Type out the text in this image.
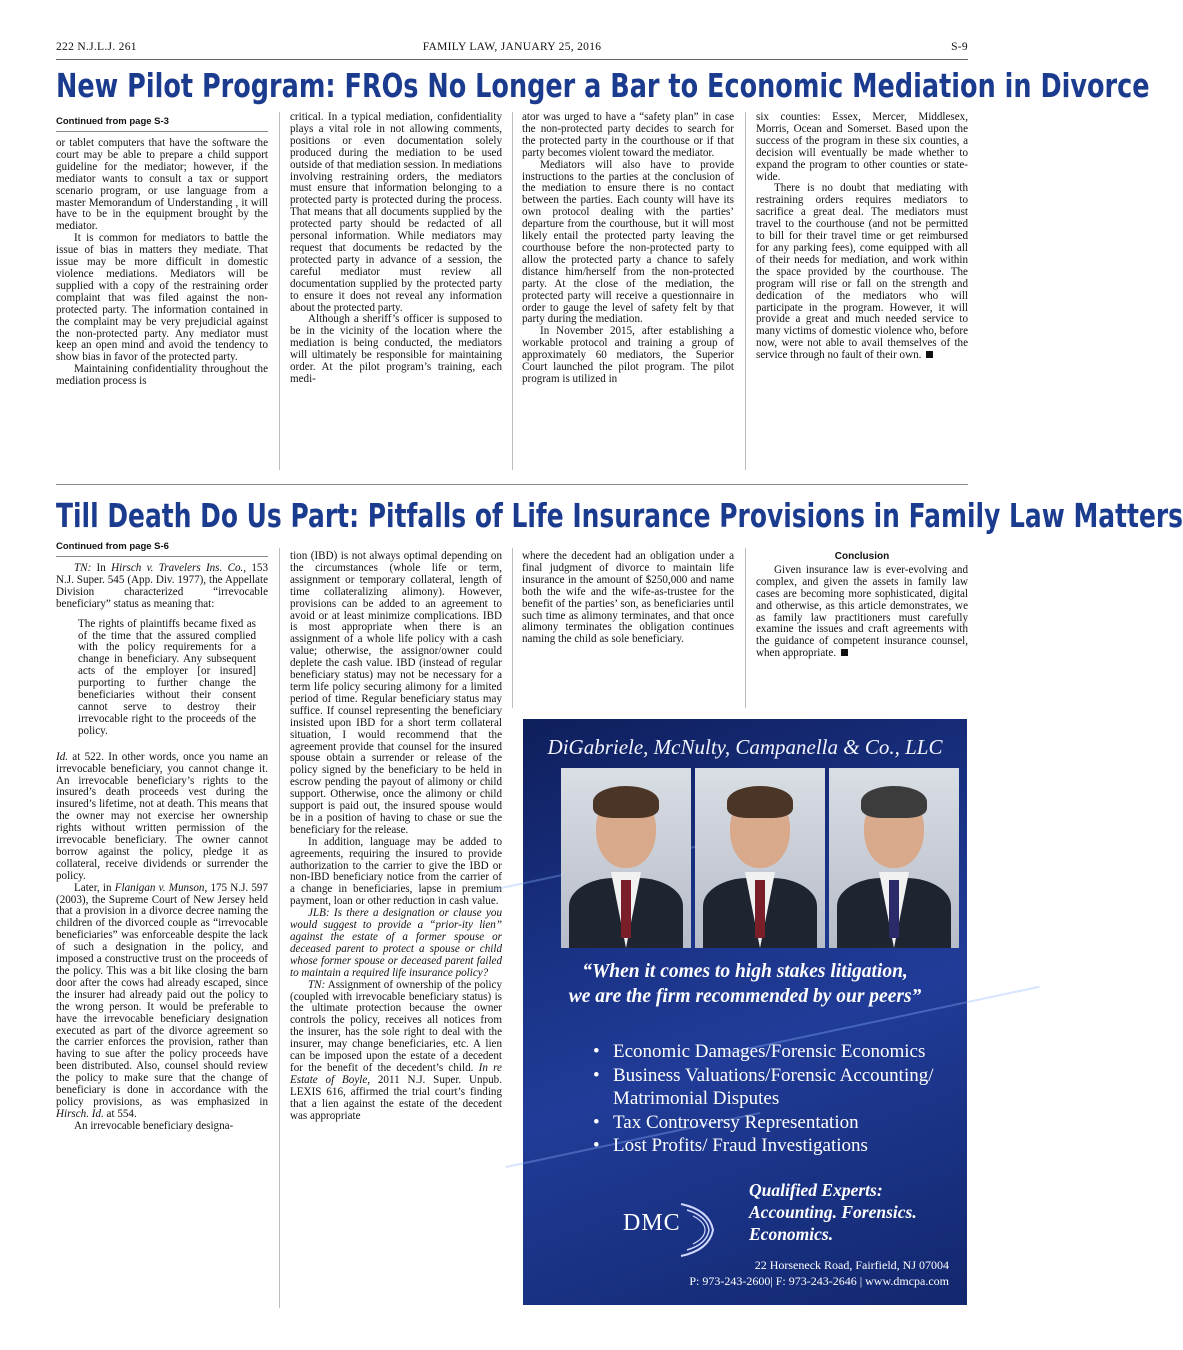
222 N.J.L.J. 261	FAMILY LAW, JANUARY 25, 2016	S-9
New Pilot Program: FROs No Longer a Bar to Economic Mediation in Divorce
Continued from page S-3

or tablet computers that have the software the court may be able to prepare a child support guideline for the mediator; however, if the mediator wants to consult a tax or support scenario program, or use language from a master Memorandum of Understanding , it will have to be in the equipment brought by the mediator.

It is common for mediators to battle the issue of bias in matters they mediate. That issue may be more difficult in domestic violence mediations. Mediators will be supplied with a copy of the restraining order complaint that was filed against the non-protected party. The information contained in the complaint may be very prejudicial against the non-protected party. Any mediator must keep an open mind and avoid the tendency to show bias in favor of the protected party.

Maintaining confidentiality throughout the mediation process is

critical. In a typical mediation, confidentiality plays a vital role in not allowing comments, positions or even documentation solely produced during the mediation to be used outside of that mediation session. In mediations involving restraining orders, the mediators must ensure that information belonging to a protected party is protected during the process. That means that all documents supplied by the protected party should be redacted of all personal information. While mediators may request that documents be redacted by the protected party in advance of a session, the careful mediator must review all documentation supplied by the protected party to ensure it does not reveal any information about the protected party.

Although a sheriff’s officer is supposed to be in the vicinity of the location where the mediation is being conducted, the mediators will ultimately be responsible for maintaining order. At the pilot program’s training, each medi-

ator was urged to have a “safety plan” in case the non-protected party decides to search for the protected party in the courthouse or if that party becomes violent toward the mediator.

Mediators will also have to provide instructions to the parties at the conclusion of the mediation to ensure there is no contact between the parties. Each county will have its own protocol dealing with the parties’ departure from the courthouse, but it will most likely entail the protected party leaving the courthouse before the non-protected party to allow the protected party a chance to safely distance him/herself from the non-protected party. At the close of the mediation, the protected party will receive a questionnaire in order to gauge the level of safety felt by that party during the mediation.

In November 2015, after establishing a workable protocol and training a group of approximately 60 mediators, the Superior Court launched the pilot program. The pilot program is utilized in

six counties: Essex, Mercer, Middlesex, Morris, Ocean and Somerset. Based upon the success of the program in these six counties, a decision will eventually be made whether to expand the program to other counties or state-wide.

There is no doubt that mediating with restraining orders requires mediators to sacrifice a great deal. The mediators must travel to the courthouse (and not be permitted to bill for their travel time or get reimbursed for any parking fees), come equipped with all of their needs for mediation, and work within the space provided by the courthouse. The program will rise or fall on the strength and dedication of the mediators who will participate in the program. However, it will provide a great and much needed service to many victims of domestic violence who, before now, were not able to avail themselves of the service through no fault of their own.

Till Death Do Us Part: Pitfalls of Life Insurance Provisions in Family Law Matters
Continued from page S-6

TN: In Hirsch v. Travelers Ins. Co., 153 N.J. Super. 545 (App. Div. 1977), the Appellate Division characterized “irrevocable beneficiary” status as meaning that:

The rights of plaintiffs became fixed as of the time that the assured complied with the policy requirements for a change in beneficiary. Any subsequent acts of the employer [or insured] purporting to further change the beneficiaries without their consent cannot serve to destroy their irrevocable right to the proceeds of the policy.

Id. at 522. In other words, once you name an irrevocable beneficiary, you cannot change it. An irrevocable beneficiary’s rights to the insured’s death proceeds vest during the insured’s lifetime, not at death. This means that the owner may not exercise her ownership rights without written permission of the irrevocable beneficiary. The owner cannot borrow against the policy, pledge it as collateral, receive dividends or surrender the policy.

Later, in Flanigan v. Munson, 175 N.J. 597 (2003), the Supreme Court of New Jersey held that a provision in a divorce decree naming the children of the divorced couple as “irrevocable beneficiaries” was enforceable despite the lack of such a designation in the policy, and imposed a constructive trust on the proceeds of the policy. This was a bit like closing the barn door after the cows had already escaped, since the insurer had already paid out the policy to the wrong person. It would be preferable to have the irrevocable beneficiary designation executed as part of the divorce agreement so the carrier enforces the provision, rather than having to sue after the policy proceeds have been distributed. Also, counsel should review the policy to make sure that the change of beneficiary is done in accordance with the policy provisions, as was emphasized in Hirsch. Id. at 554.

An irrevocable beneficiary designa-

tion (IBD) is not always optimal depending on the circumstances (whole life or term, assignment or temporary collateral, length of time collateralizing alimony). However, provisions can be added to an agreement to avoid or at least minimize complications. IBD is most appropriate when there is an assignment of a whole life policy with a cash value; otherwise, the assignor/owner could deplete the cash value. IBD (instead of regular beneficiary status) may not be necessary for a term life policy securing alimony for a limited period of time. Regular beneficiary status may suffice. If counsel representing the beneficiary insisted upon IBD for a short term collateral situation, I would recommend that the agreement provide that counsel for the insured spouse obtain a surrender or release of the policy signed by the beneficiary to be held in escrow pending the payout of alimony or child support. Otherwise, once the alimony or child support is paid out, the insured spouse would be in a position of having to chase or sue the beneficiary for the release.

In addition, language may be added to agreements, requiring the insured to provide authorization to the carrier to give the IBD or non-IBD beneficiary notice from the carrier of a change in beneficiaries, lapse in premium payment, loan or other reduction in cash value.

JLB: Is there a designation or clause you would suggest to provide a “prior-ity lien” against the estate of a former spouse or deceased parent to protect a spouse or child whose former spouse or deceased parent failed to maintain a required life insurance policy?

TN: Assignment of ownership of the policy (coupled with irrevocable beneficiary status) is the ultimate protection because the owner controls the policy, receives all notices from the insurer, has the sole right to deal with the insurer, may change beneficiaries, etc. A lien can be imposed upon the estate of a decedent for the benefit of the decedent’s child. In re Estate of Boyle, 2011 N.J. Super. Unpub. LEXIS 616, affirmed the trial court’s finding that a lien against the estate of the decedent was appropriate

where the decedent had an obligation under a final judgment of divorce to maintain life insurance in the amount of $250,000 and name both the wife and the wife-as-trustee for the benefit of the parties’ son, as beneficiaries until such time as alimony terminates, and that once alimony terminates the obligation continues naming the child as sole beneficiary.

Conclusion

Given insurance law is ever-evolving and complex, and given the assets in family law cases are becoming more sophisticated, digital and otherwise, as this article demonstrates, we as family law practitioners must carefully examine the issues and craft agreements with the guidance of competent insurance counsel, when appropriate.

DiGabriele, McNulty, Campanella & Co., LLC
“When it comes to high stakes litigation,
we are the firm recommended by our peers”
• Economic Damages/Forensic Economics
• Business Valuations/Forensic Accounting/
Matrimonial Disputes
• Tax Controversy Representation
• Lost Profits/ Fraud Investigations
DMC
Qualified Experts:
Accounting. Forensics.
Economics.
22 Horseneck Road, Fairfield, NJ 07004
P: 973-243-2600| F: 973-243-2646 | www.dmcpa.com
